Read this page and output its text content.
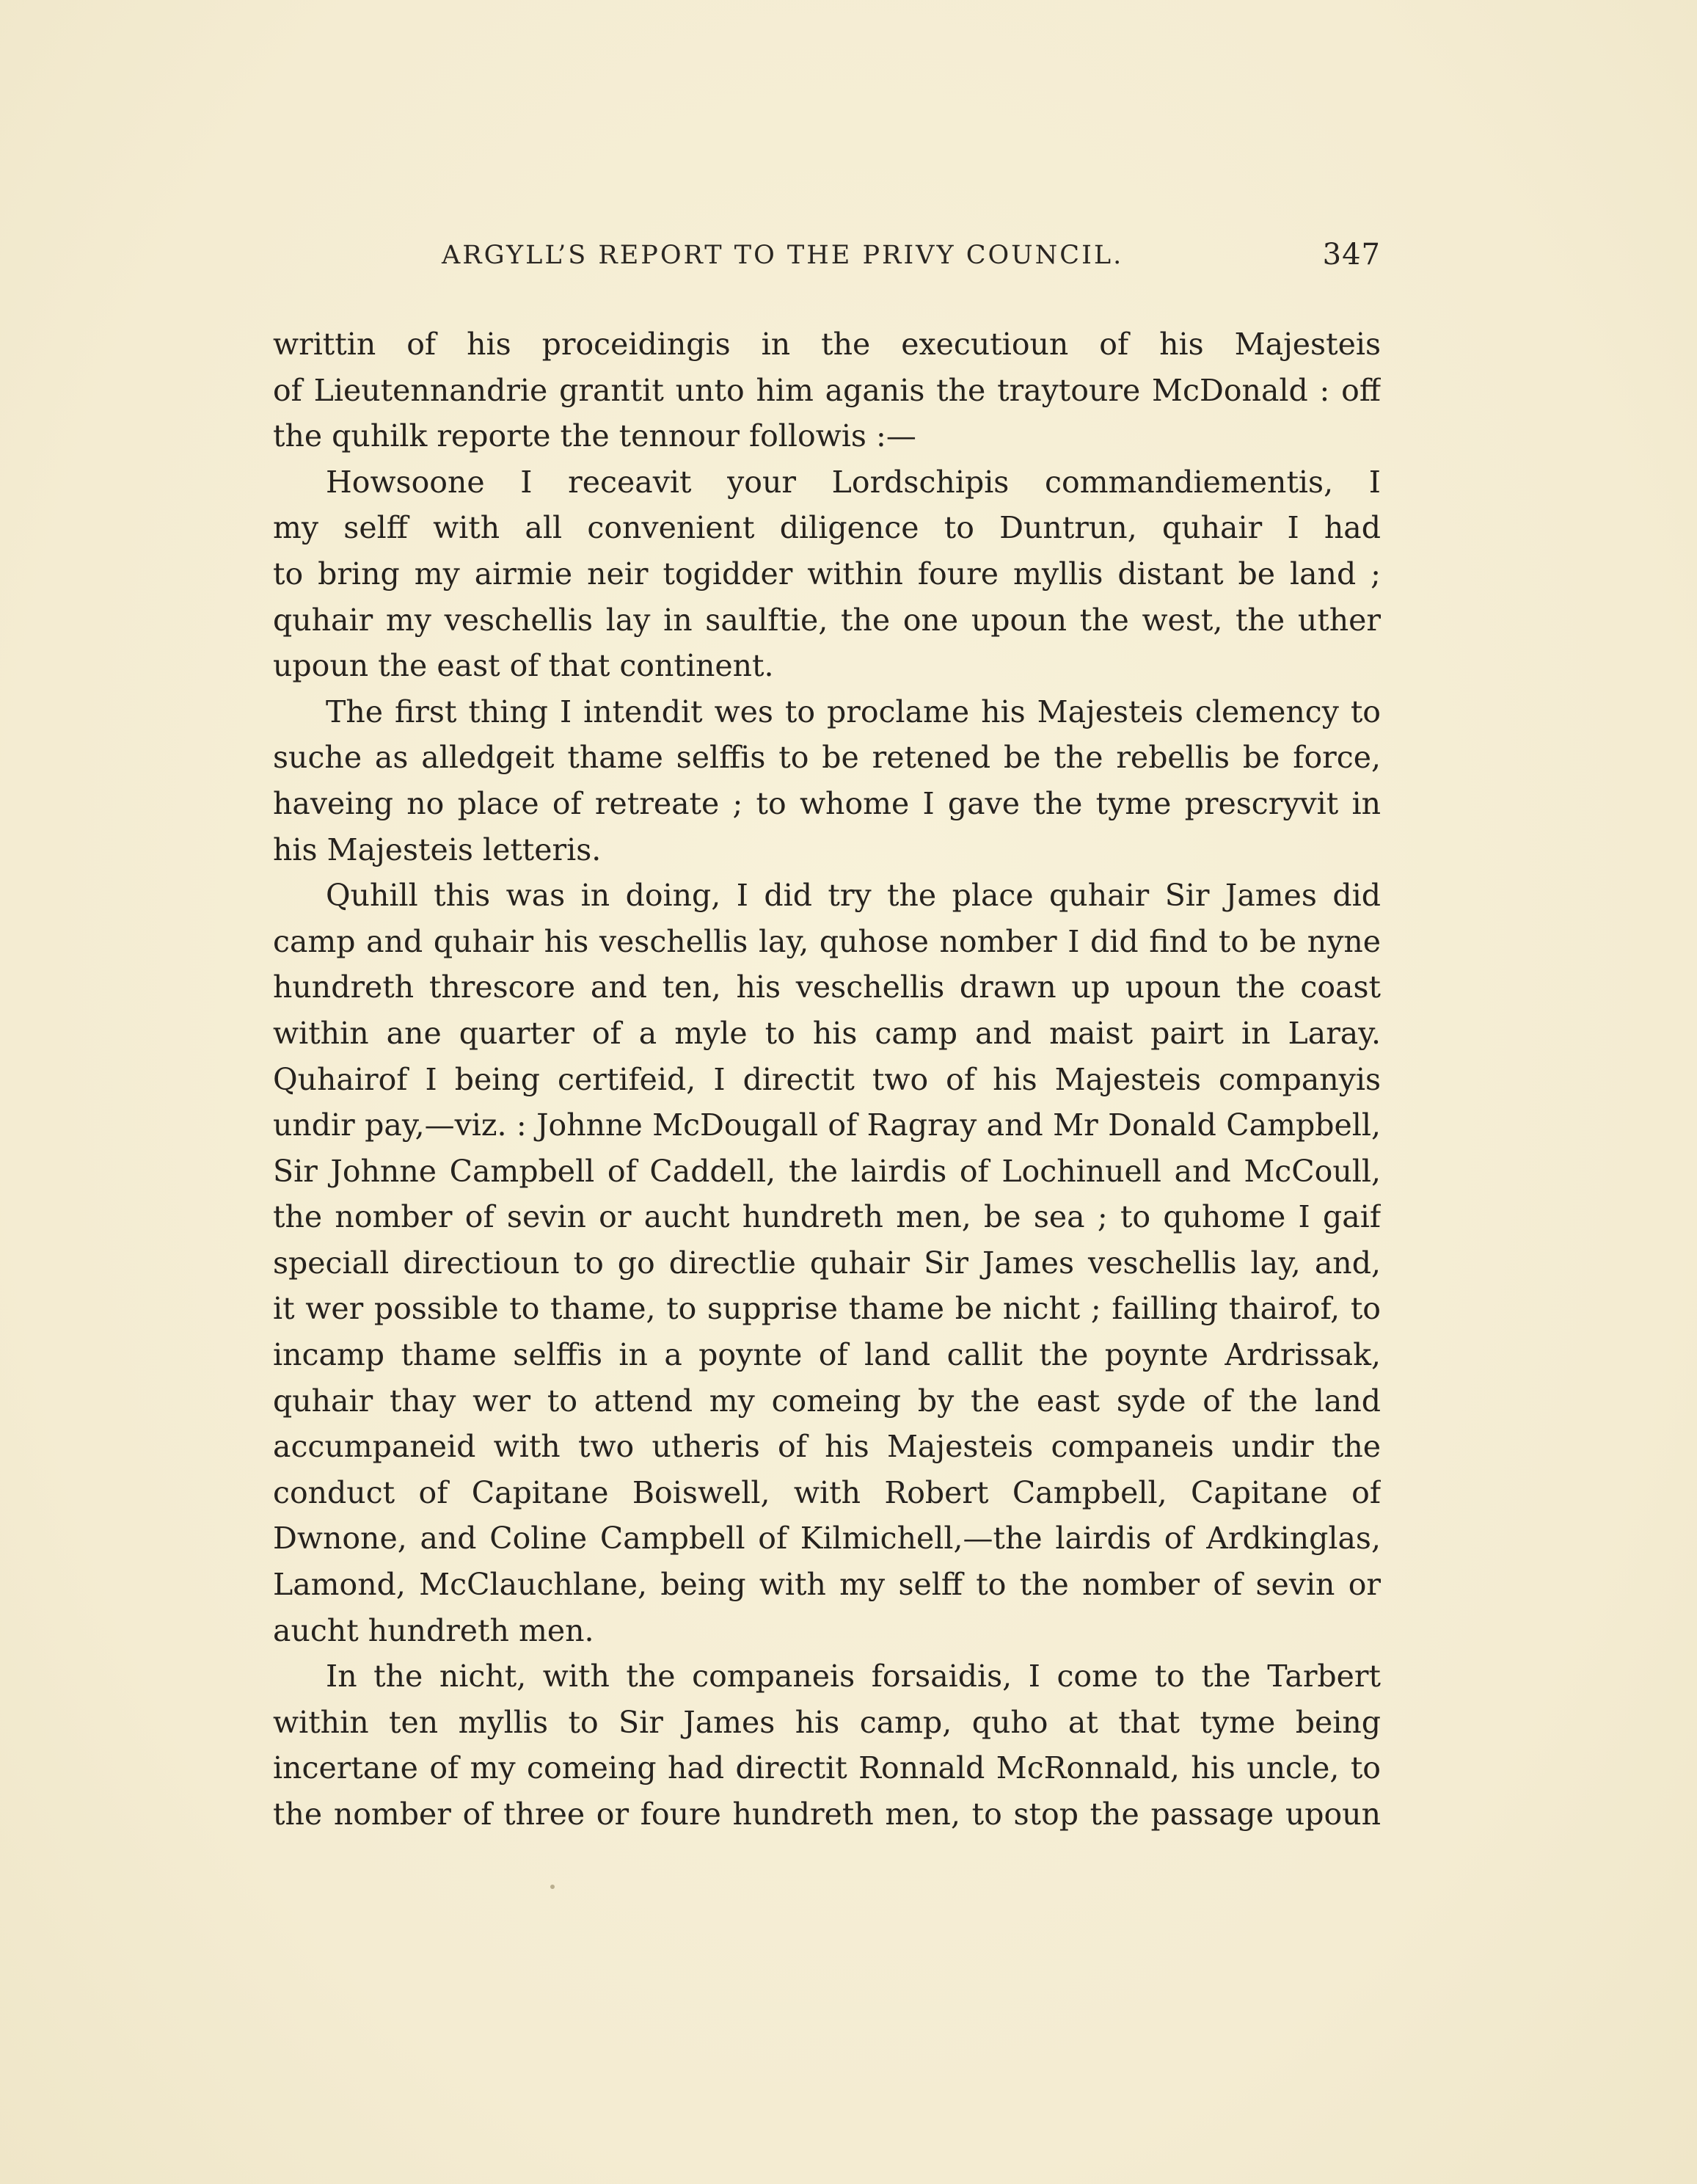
ARGYLL’S REPORT TO THE PRIVY COUNCIL.	347

writtin of his proceidingis in the executioun of his Majesteis
of Lieutennandrie grantit unto him aganis the traytoure McDonald : off
the quhilk reporte the tennour followis :—

Howsoone I receavit your Lordschipis commandiementis, I
my selff with all convenient diligence to Duntrun, quhair I had
to bring my airmie neir togidder within foure myllis distant be land ;
quhair my veschellis lay in saulftie, the one upoun the west, the uther
upoun the east of that continent.

The first thing I intendit wes to proclame his Majesteis clemency to
suche as alledgeit thame selffis to be retened be the rebellis be force,
haveing no place of retreate ; to whome I gave the tyme prescryvit in
his Majesteis letteris.

Quhill this was in doing, I did try the place quhair Sir James did
camp and quhair his veschellis lay, quhose nomber I did find to be nyne
hundreth threscore and ten, his veschellis drawn up upoun the coast
within ane quarter of a myle to his camp and maist pairt in Laray.
Quhairof I being certifeid, I directit two of his Majesteis companyis
undir pay,—viz. : Johnne McDougall of Ragray and Mr Donald Campbell,
Sir Johnne Campbell of Caddell, the lairdis of Lochinuell and McCoull,
the nomber of sevin or aucht hundreth men, be sea ; to quhome I gaif
speciall directioun to go directlie quhair Sir James veschellis lay, and,
it wer possible to thame, to supprise thame be nicht ; failling thairof, to
incamp thame selffis in a poynte of land callit the poynte Ardrissak,
quhair thay wer to attend my comeing by the east syde of the land
accumpaneid with two utheris of his Majesteis companeis undir the
conduct of Capitane Boiswell, with Robert Campbell, Capitane of
Dwnone, and Coline Campbell of Kilmichell,—the lairdis of Ardkinglas,
Lamond, McClauchlane, being with my selff to the nomber of sevin or
aucht hundreth men.

In the nicht, with the companeis forsaidis, I come to the Tarbert
within ten myllis to Sir James his camp, quho at that tyme being
incertane of my comeing had directit Ronnald McRonnald, his uncle, to
the nomber of three or foure hundreth men, to stop the passage upoun
